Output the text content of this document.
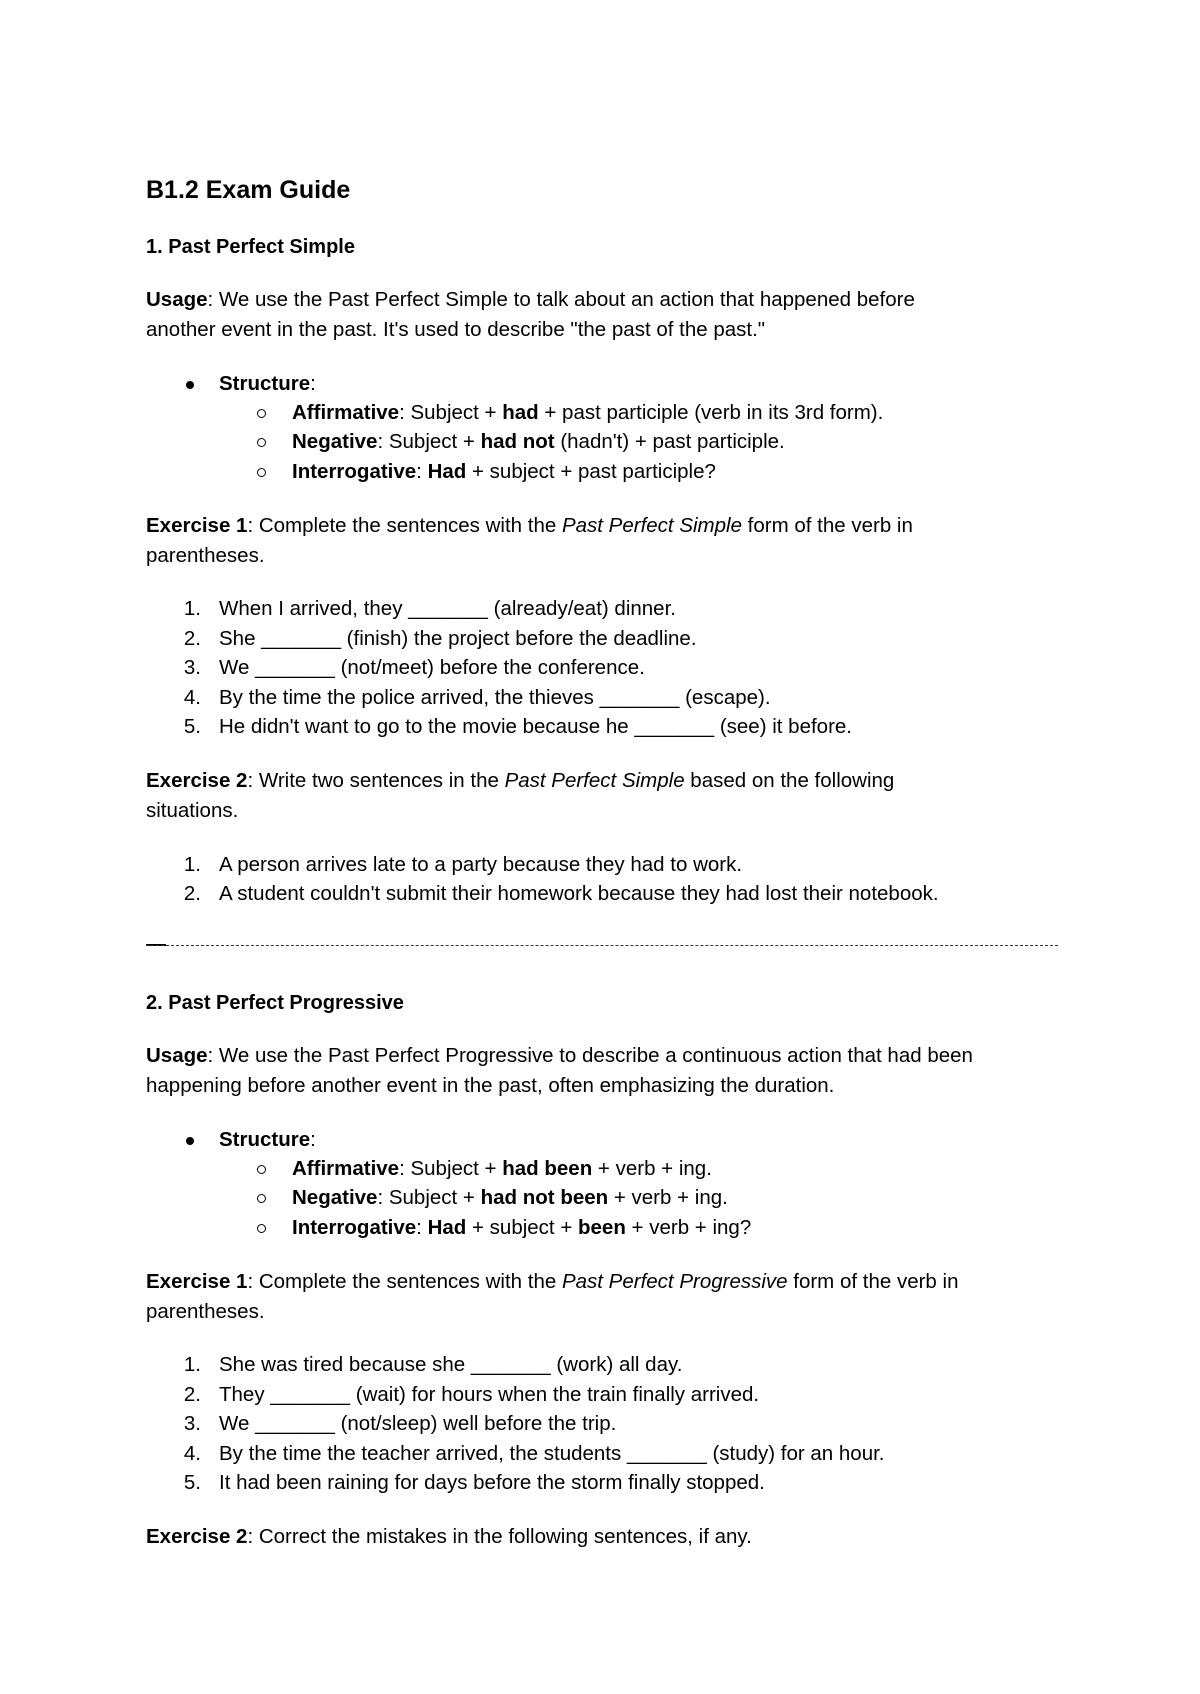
B1.2 Exam Guide
1. Past Perfect Simple
Usage: We use the Past Perfect Simple to talk about an action that happened before
another event in the past. It's used to describe "the past of the past."
Structure:
Affirmative: Subject + had + past participle (verb in its 3rd form).
Negative: Subject + had not (hadn't) + past participle.
Interrogative: Had + subject + past participle?
Exercise 1: Complete the sentences with the Past Perfect Simple form of the verb in
parentheses.
1. When I arrived, they _______ (already/eat) dinner.
2. She _______ (finish) the project before the deadline.
3. We _______ (not/meet) before the conference.
4. By the time the police arrived, the thieves _______ (escape).
5. He didn't want to go to the movie because he _______ (see) it before.
Exercise 2: Write two sentences in the Past Perfect Simple based on the following
situations.
1. A person arrives late to a party because they had to work.
2. A student couldn't submit their homework because they had lost their notebook.
2. Past Perfect Progressive
Usage: We use the Past Perfect Progressive to describe a continuous action that had been
happening before another event in the past, often emphasizing the duration.
Structure:
Affirmative: Subject + had been + verb + ing.
Negative: Subject + had not been + verb + ing.
Interrogative: Had + subject + been + verb + ing?
Exercise 1: Complete the sentences with the Past Perfect Progressive form of the verb in
parentheses.
1. She was tired because she _______ (work) all day.
2. They _______ (wait) for hours when the train finally arrived.
3. We _______ (not/sleep) well before the trip.
4. By the time the teacher arrived, the students _______ (study) for an hour.
5. It had been raining for days before the storm finally stopped.
Exercise 2: Correct the mistakes in the following sentences, if any.
